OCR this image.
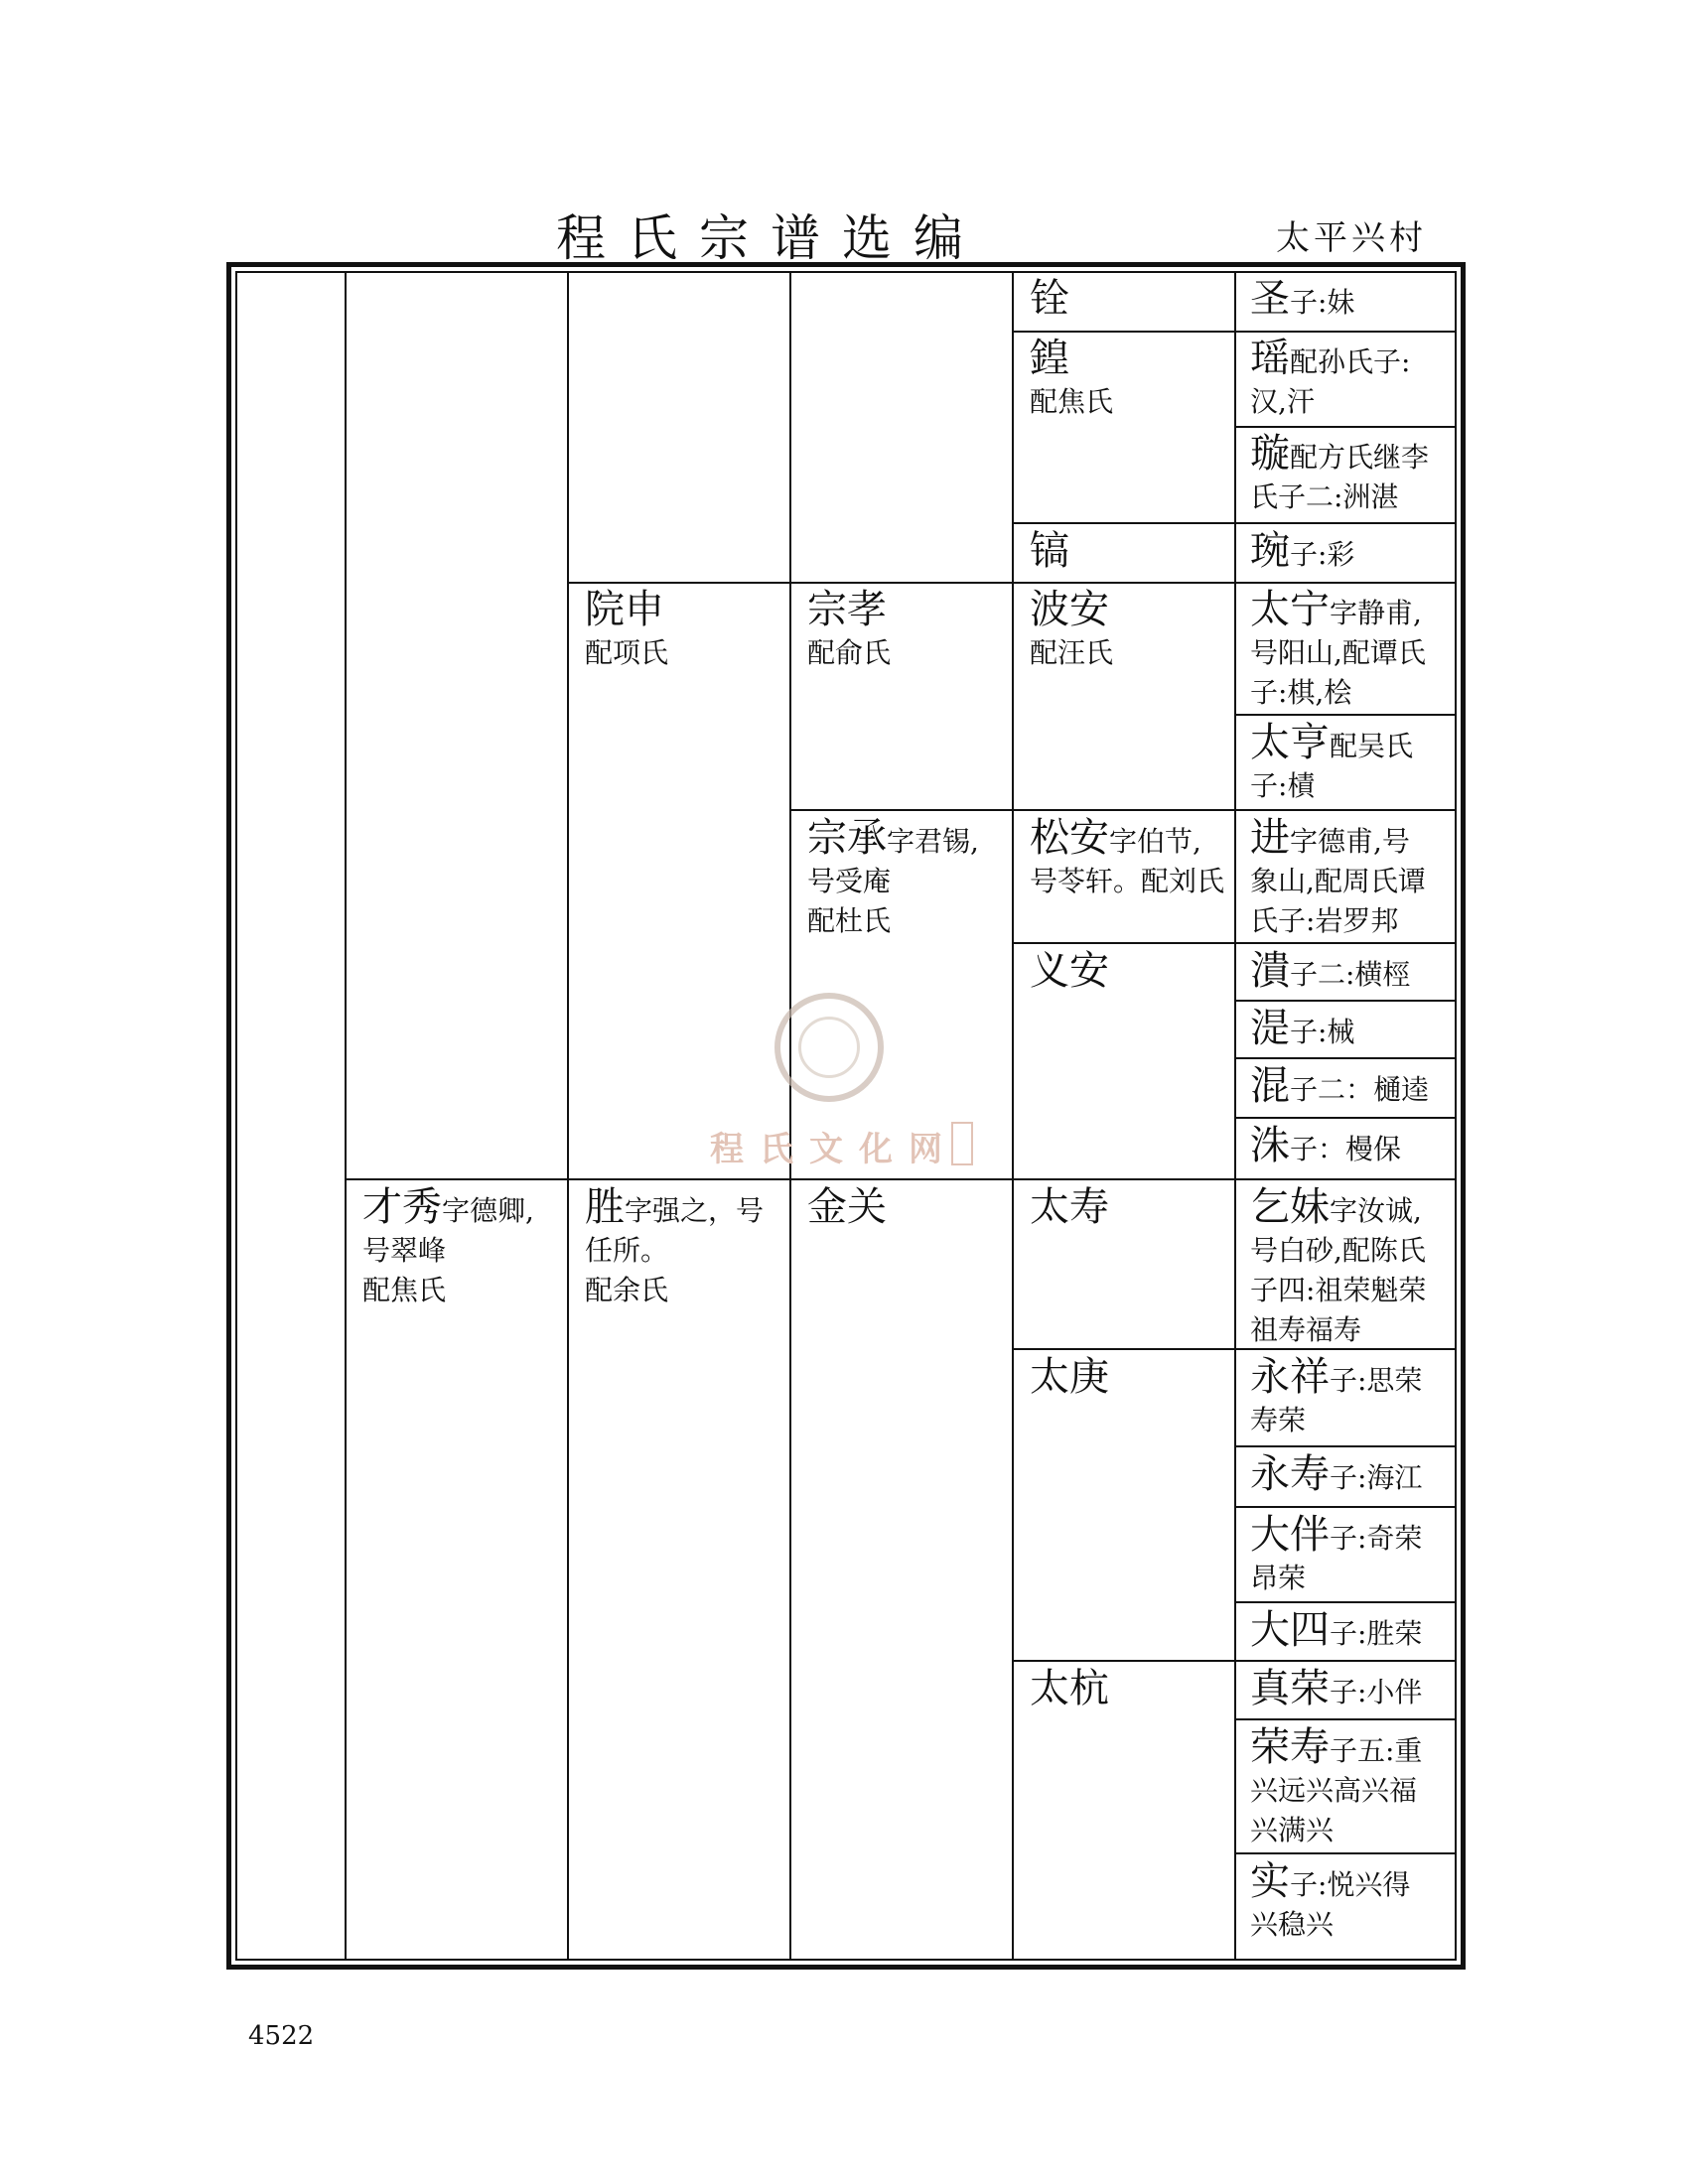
程氏宗谱选编	太平兴村
程氏文化网
才秀字德卿,
号翠峰
配焦氏
院申
配项氏
胜字强之，号
任所。
配余氏
宗孝
配俞氏
宗承字君锡,
号受庵
配杜氏
金关
铨
鍠
配焦氏
镐
波安
配汪氏
松安字伯节,
号苓轩。配刘氏
义安
太寿
太庚
太杭
圣子:妹
瑶配孙氏子:
汉,汗
璇配方氏继李
氏子二:洲湛
琬子:彩
太宁字静甫,
号阳山,配谭氏
子:棋,桧
太亨配吴氏
子:樍
进字德甫,号
象山,配周氏谭
氏子:岩罗邦
潰子二:横桱
湜子:械
混子二：樋逵
洙子：槾保
乞妹字汝诚,
号白砂,配陈氏
子四:祖荣魁荣
祖寿福寿
永祥子:思荣
寿荣
永寿子:海江
大伴子:奇荣
昂荣
大四子:胜荣
真荣子:小伴
荣寿子五:重
兴远兴高兴福
兴满兴
实子:悦兴得
兴稳兴
4522
